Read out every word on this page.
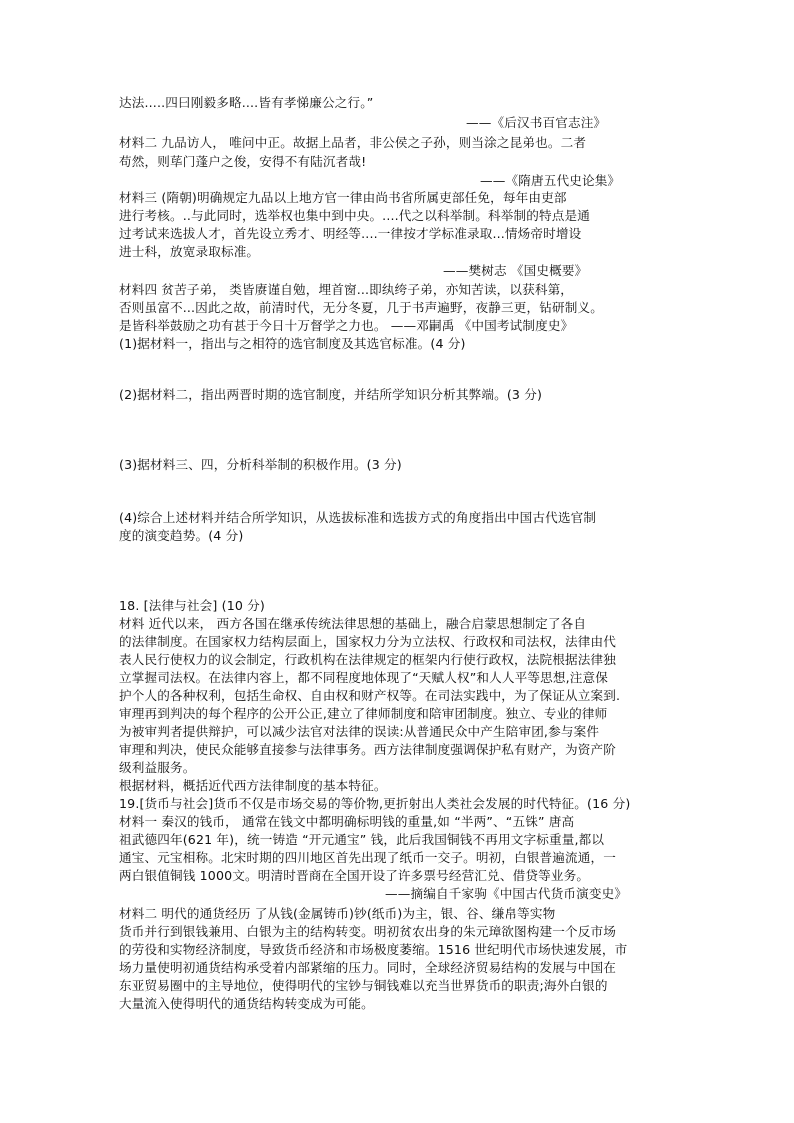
达法.....四曰刚毅多略....皆有孝悌廉公之行。”
——《后汉书百官志注》
材料二 九品访人， 唯问中正。故据上品者，非公侯之子孙，则当涂之昆弟也。二者
苟然，则荜门蓬户之俊，安得不有陆沉者哉!
——《隋唐五代史论集》
材料三 (隋朝)明确规定九品以上地方官一律由尚书省所属吏部任免，每年由吏部
进行考核。..与此同时，选举权也集中到中央。....代之以科举制。科举制的特点是通
过考试来选拔人才，首先设立秀才、明经等....一律按才学标准录取...情炀帝时增设
进士科，放宽录取标准。
——樊树志 《国史概要》
材料四 贫苦子弟， 类皆赓谨自勉，埋首窗...即纨绔子弟，亦知苦读，以获科第，
否则虽富不...因此之故，前清时代，无分冬夏，几于书声遍野，夜静三更，钻研制义。
是皆科举鼓励之功有甚于今日十万督学之力也。 ——邓嗣禹 《中国考试制度史》
(1)据材料一，指出与之相符的选官制度及其选官标准。(4 分)
(2)据材料二，指出两晋时期的选官制度，并结所学知识分析其弊端。(3 分)
(3)据材料三、四，分析科举制的积极作用。(3 分)
(4)综合上述材料并结合所学知识，从选拔标准和选拔方式的角度指出中国古代选官制
度的演变趋势。(4 分)
18. [法律与社会] (10 分)
材料 近代以来， 西方各国在继承传统法律思想的基础上，融合启蒙思想制定了各自
的法律制度。在国家权力结构层面上，国家权力分为立法权、行政权和司法权，法律由代
表人民行使权力的议会制定，行政机构在法律规定的框架内行使行政权，法院根据法律独
立掌握司法权。在法律内容上，都不同程度地体现了“天赋人权”和人人平等思想,注意保
护个人的各种权利，包括生命权、自由权和财产权等。在司法实践中，为了保证从立案到.
审理再到判决的每个程序的公开公正,建立了律师制度和陪审团制度。独立、专业的律师
为被审判者提供辩护，可以减少法官对法律的误读:从普通民众中产生陪审团,参与案件
审理和判决，使民众能够直接参与法律事务。西方法律制度强调保护私有财产，为资产阶
级利益服务。
根据材料，概括近代西方法律制度的基本特征。
19.[货币与社会]货币不仅是市场交易的等价物,更折射出人类社会发展的时代特征。(16 分)
材料一 秦汉的钱币， 通常在钱文中都明确标明钱的重量,如 “半两”、“五铢” 唐高
祖武德四年(621 年)，统一铸造 “开元通宝” 钱，此后我国铜钱不再用文字标重量,都以
通宝、元宝相称。北宋时期的四川地区首先出现了纸币一交子。明初，白银普遍流通，一
两白银值铜钱 1000文。明清时晋商在全国开设了许多票号经营汇兑、借贷等业务。
——摘编自千家驹《中国古代货币演变史》
材料二 明代的通货经历 了从钱(金属铸币)钞(纸币)为主，银、谷、缣帛等实物
货币并行到银钱兼用、白银为主的结构转变。明初贫农出身的朱元璋欲图构建一个反市场
的劳役和实物经济制度，导致货币经济和市场极度萎缩。1516 世纪明代市场快速发展，市
场力量使明初通货结构承受着内部紧缩的压力。同时，全球经济贸易结构的发展与中国在
东亚贸易圈中的主导地位，使得明代的宝钞与铜钱难以充当世界货币的职责;海外白银的
大量流入使得明代的通货结构转变成为可能。
